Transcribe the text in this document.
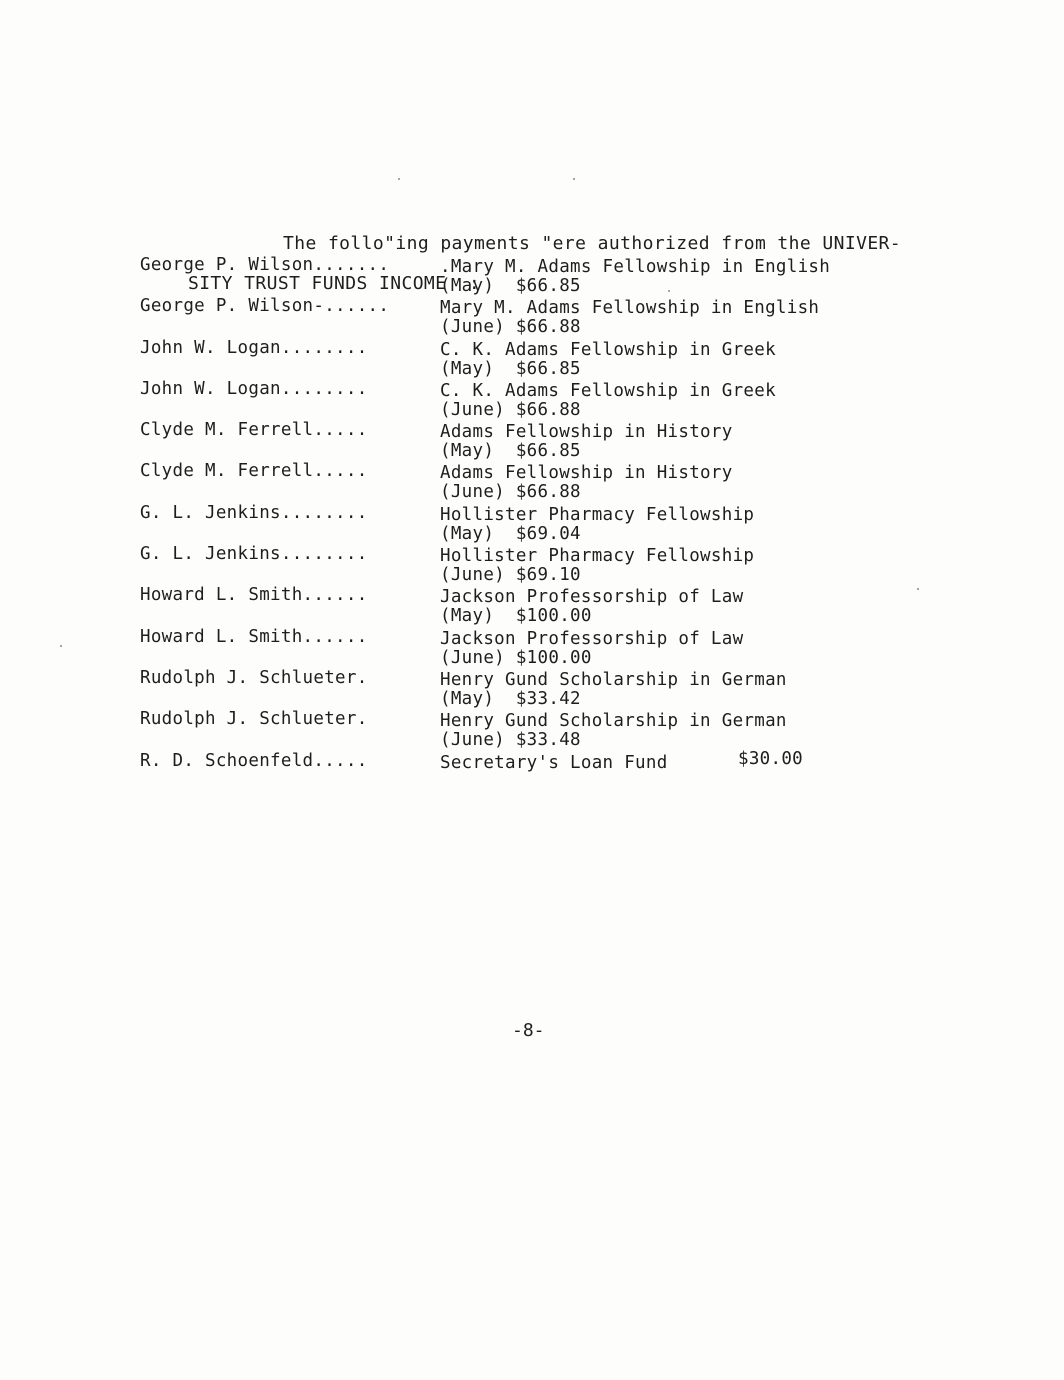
The follo"ing payments "ere authorized from the UNIVER-

SITY TRUST FUNDS INCOME  :

George P. Wilson.......	.Mary M. Adams Fellowship in English
(May)  $66.85
George P. Wilson-......	Mary M. Adams Fellowship in English
(June) $66.88
John W. Logan........	C. K. Adams Fellowship in Greek
(May)  $66.85
John W. Logan........	C. K. Adams Fellowship in Greek
(June) $66.88
Clyde M. Ferrell.....	Adams Fellowship in History
(May)  $66.85
Clyde M. Ferrell.....	Adams Fellowship in History
(June) $66.88
G. L. Jenkins........	Hollister Pharmacy Fellowship
(May)  $69.04
G. L. Jenkins........	Hollister Pharmacy Fellowship
(June) $69.10
Howard L. Smith......	Jackson Professorship of Law
(May)  $100.00
Howard L. Smith......	Jackson Professorship of Law
(June) $100.00
Rudolph J. Schlueter.	Henry Gund Scholarship in German
(May)  $33.42
Rudolph J. Schlueter.	Henry Gund Scholarship in German
(June) $33.48
R. D. Schoenfeld.....	Secretary's Loan Fund	$30.00
-8-
